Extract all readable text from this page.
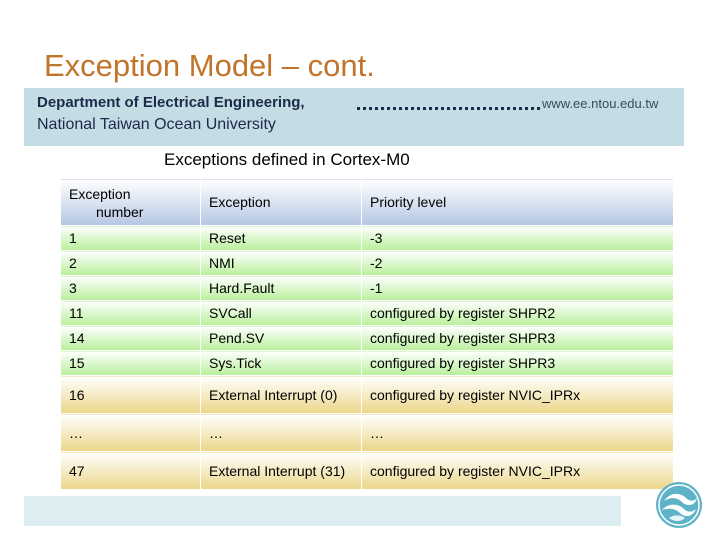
Exception Model – cont.
Department of Electrical Engineering,	www.ee.ntou.edu.tw
National Taiwan Ocean University
Exceptions defined in Cortex-M0
Exception
number	Exception	Priority level
1	Reset	-3
2	NMI	-2
3	Hard.Fault	-1
11	SVCall	configured by register SHPR2
14	Pend.SV	configured by register SHPR3
15	Sys.Tick	configured by register SHPR3
16	External Interrupt (0)	configured by register NVIC_IPRx
…	…	…
47	External Interrupt (31)	configured by register NVIC_IPRx
